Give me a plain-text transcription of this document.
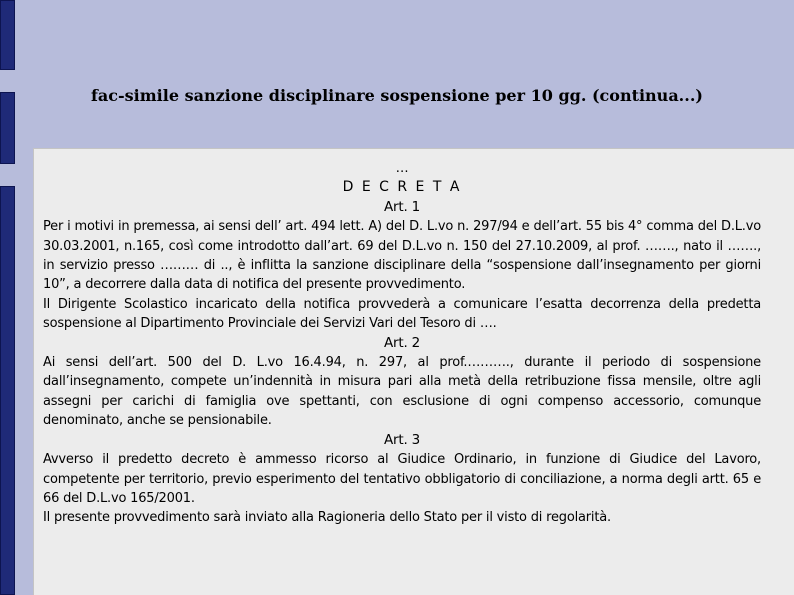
fac-simile sanzione disciplinare sospensione per 10 gg. (continua...)
…
D E C R E T A
Art. 1
Per i motivi in premessa, ai sensi dell’ art. 494 lett. A) del D. L.vo n. 297/94 e dell’art. 55 bis 4° comma del D.L.vo 30.03.2001, n.165, così come introdotto dall’art. 69 del D.L.vo n. 150 del 27.10.2009, al prof. ……., nato il ……., in servizio presso ……… di .., è inflitta la sanzione disciplinare della “sospensione dall’insegnamento per giorni 10”, a decorrere dalla data di notifica del presente provvedimento.
Il Dirigente Scolastico incaricato della notifica provvederà a comunicare l’esatta decorrenza della predetta sospensione al Dipartimento Provinciale dei Servizi Vari del Tesoro di ….
Art. 2
Ai sensi dell’art. 500 del D. L.vo 16.4.94, n. 297, al prof.………., durante il periodo di sospensione dall’insegnamento, compete un’indennità in misura pari alla metà della retribuzione fissa mensile, oltre agli assegni per carichi di famiglia ove spettanti, con esclusione di ogni compenso accessorio, comunque denominato, anche se pensionabile.
Art. 3
Avverso il predetto decreto è ammesso ricorso al Giudice Ordinario, in funzione di Giudice del Lavoro, competente per territorio, previo esperimento del tentativo obbligatorio di conciliazione, a norma degli artt. 65 e 66 del D.L.vo 165/2001.
Il presente provvedimento sarà inviato alla Ragioneria dello Stato per il visto di regolarità.
